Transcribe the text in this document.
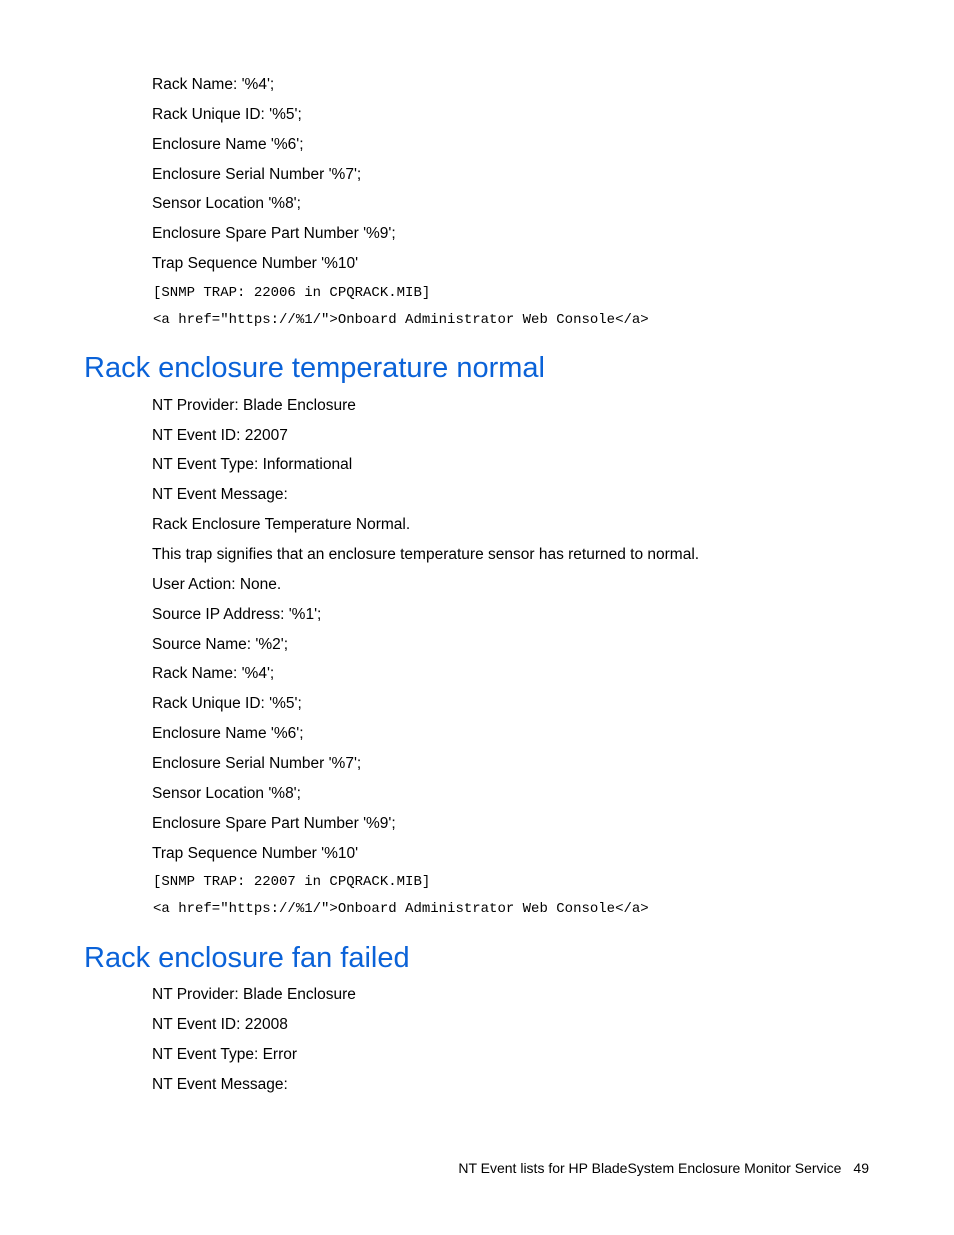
Rack Name: '%4';
Rack Unique ID: '%5';
Enclosure Name '%6';
Enclosure Serial Number '%7';
Sensor Location '%8';
Enclosure Spare Part Number '%9';
Trap Sequence Number '%10'
[SNMP TRAP: 22006 in CPQRACK.MIB]
<a href="https://%1/">Onboard Administrator Web Console</a>
Rack enclosure temperature normal
NT Provider: Blade Enclosure
NT Event ID: 22007
NT Event Type: Informational
NT Event Message:
Rack Enclosure Temperature Normal.
This trap signifies that an enclosure temperature sensor has returned to normal.
User Action: None.
Source IP Address: '%1';
Source Name: '%2';
Rack Name: '%4';
Rack Unique ID: '%5';
Enclosure Name '%6';
Enclosure Serial Number '%7';
Sensor Location '%8';
Enclosure Spare Part Number '%9';
Trap Sequence Number '%10'
[SNMP TRAP: 22007 in CPQRACK.MIB]
<a href="https://%1/">Onboard Administrator Web Console</a>
Rack enclosure fan failed
NT Provider: Blade Enclosure
NT Event ID: 22008
NT Event Type: Error
NT Event Message:
NT Event lists for HP BladeSystem Enclosure Monitor Service 49
